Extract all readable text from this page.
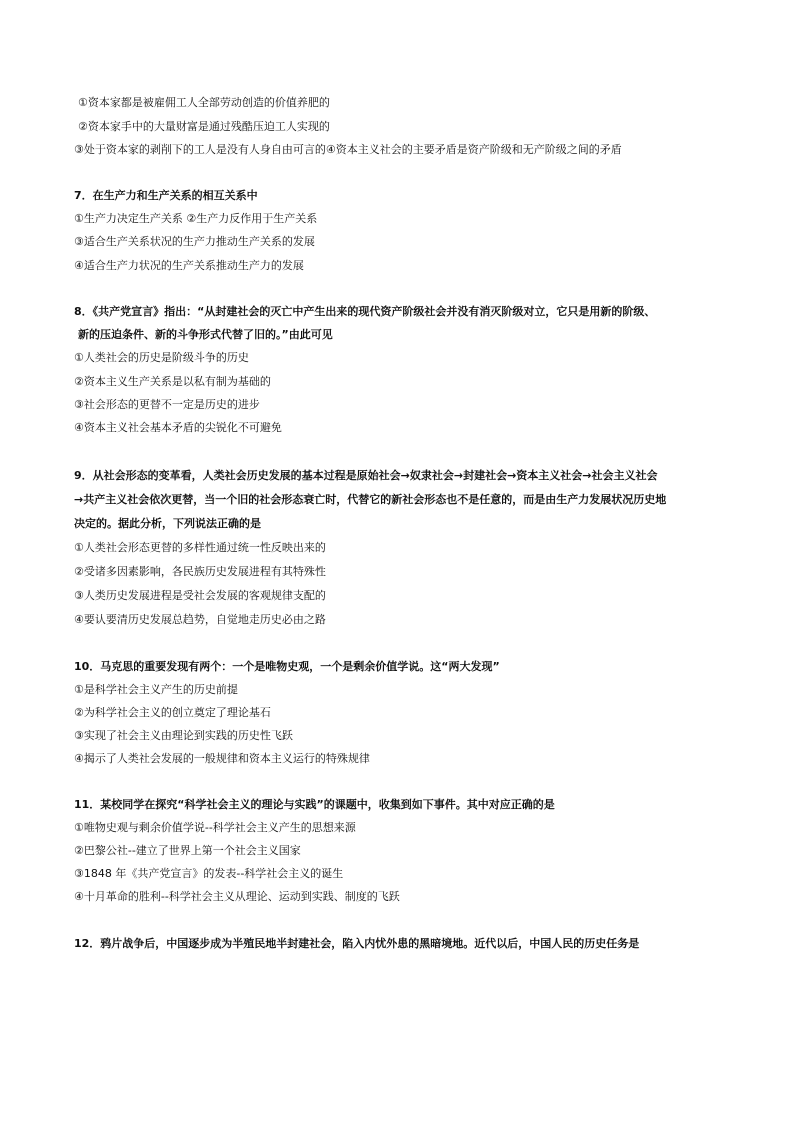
①资本家都是被雇佣工人全部劳动创造的价值养肥的
②资本家手中的大量财富是通过残酷压迫工人实现的
③处于资本家的剥削下的工人是没有人身自由可言的④资本主义社会的主要矛盾是资产阶级和无产阶级之间的矛盾
7．在生产力和生产关系的相互关系中
①生产力决定生产关系 ②生产力反作用于生产关系
③适合生产关系状况的生产力推动生产关系的发展
④适合生产力状况的生产关系推动生产力的发展
8．《共产党宣言》指出：“从封建社会的灭亡中产生出来的现代资产阶级社会并没有消灭阶级对立，它只是用新的阶级、
新的压迫条件、新的斗争形式代替了旧的。”由此可见
①人类社会的历史是阶级斗争的历史
②资本主义生产关系是以私有制为基础的
③社会形态的更替不一定是历史的进步
④资本主义社会基本矛盾的尖锐化不可避免
9．从社会形态的变革看，人类社会历史发展的基本过程是原始社会→奴隶社会→封建社会→资本主义社会→社会主义社会
→共产主义社会依次更替，当一个旧的社会形态衰亡时，代替它的新社会形态也不是任意的，而是由生产力发展状况历史地
决定的。据此分析，下列说法正确的是
①人类社会形态更替的多样性通过统一性反映出来的
②受诸多因素影响，各民族历史发展进程有其特殊性
③人类历史发展进程是受社会发展的客观规律支配的
④要认要清历史发展总趋势，自觉地走历史必由之路
10．马克思的重要发现有两个：一个是唯物史观，一个是剩余价值学说。这“两大发现”
①是科学社会主义产生的历史前提
②为科学社会主义的创立奠定了理论基石
③实现了社会主义由理论到实践的历史性飞跃
④揭示了人类社会发展的一般规律和资本主义运行的特殊规律
11．某校同学在探究“科学社会主义的理论与实践”的课题中，收集到如下事件。其中对应正确的是
①唯物史观与剩余价值学说--科学社会主义产生的思想来源
②巴黎公社--建立了世界上第一个社会主义国家
③1848 年《共产党宣言》的发表--科学社会主义的诞生
④十月革命的胜利--科学社会主义从理论、运动到实践、制度的飞跃
12．鸦片战争后，中国逐步成为半殖民地半封建社会，陷入内忧外患的黑暗境地。近代以后，中国人民的历史任务是
